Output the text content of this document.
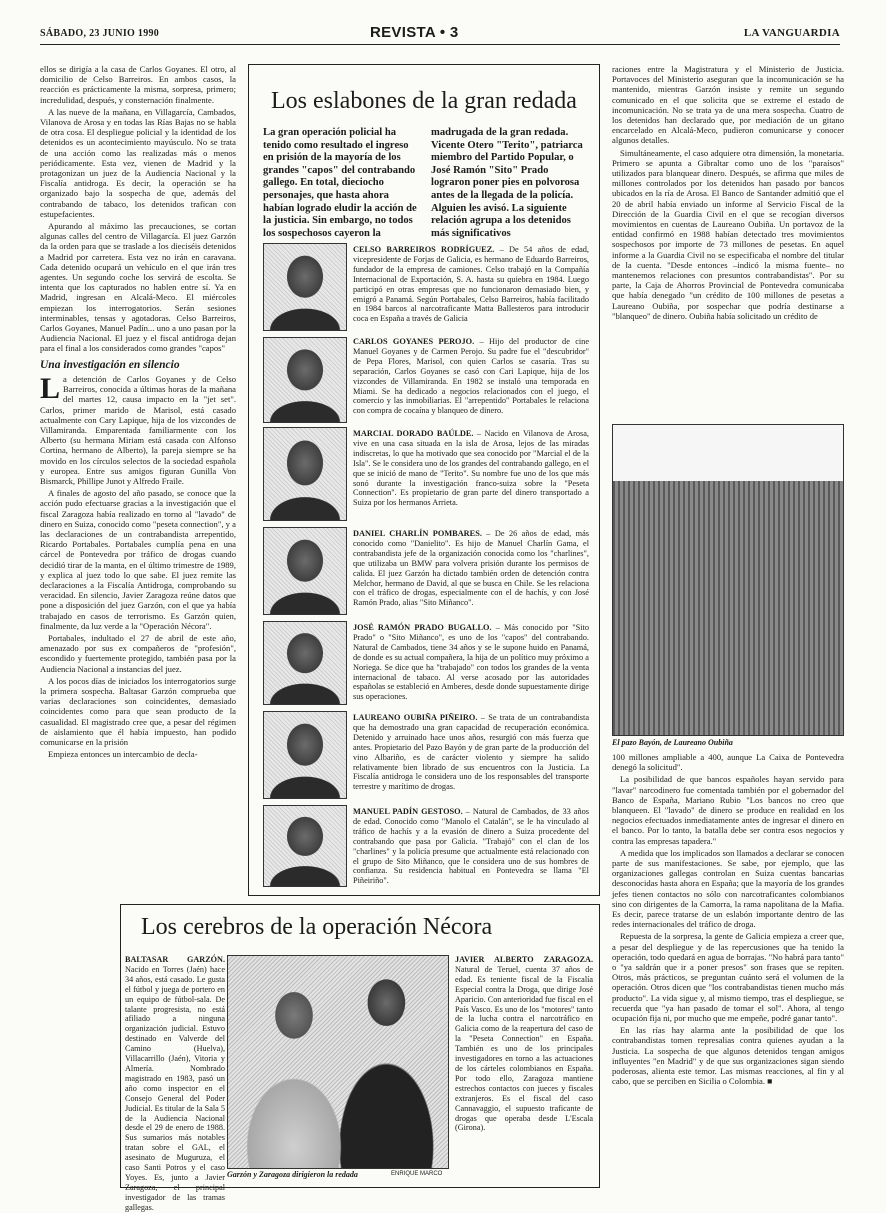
SÁBADO, 23 JUNIO 1990	REVISTA • 3	LA VANGUARDIA

ellos se dirigía a la casa de Carlos Goyanes. El otro, al domicilio de Celso Barreiros. En ambos casos, la reacción es prácticamente la misma, sorpresa, primero; incredulidad, después, y consternación finalmente.

A las nueve de la mañana, en Villagarcía, Cambados, Vilanova de Arosa y en todas las Rías Bajas no se habla de otra cosa. El despliegue policial y la identidad de los detenidos es un acontecimiento mayúsculo. No se trata de una acción como las realizadas más o menos periódicamente. Esta vez, vienen de Madrid y la protagonizan un juez de la Audiencia Nacional y la Fiscalía antidroga. Es decir, la operación se ha organizado bajo la sospecha de que, además del contrabando de tabaco, los detenidos trafican con estupefacientes.

Apurando al máximo las precauciones, se cortan algunas calles del centro de Villagarcía. El juez Garzón da la orden para que se traslade a los dieciséis detenidos a Madrid por carretera. Esta vez no irán en caravana. Cada detenido ocupará un vehículo en el que irán tres agentes. Un segundo coche los servirá de escolta. Se intenta que los capturados no hablen entre sí. Ya en Madrid, ingresan en Alcalá-Meco. El miércoles empiezan los interrogatorios. Serán sesiones interminables, tensas y agotadoras. Celso Barreiros, Carlos Goyanes, Manuel Padín... uno a uno pasan por la Audiencia Nacional. El juez y el fiscal antidroga dejan para el final a los considerados como grandes "capos"

Una investigación en silencio

La detención de Carlos Goyanes y de Celso Barreiros, conocida a últimas horas de la mañana del martes 12, causa impacto en la "jet set". Carlos, primer marido de Marisol, está casado actualmente con Cary Lapique, hija de los vizcondes de Villamiranda. Emparentada familiarmente con los Alberto (su hermana Miriam está casada con Alfonso Cortina, hermano de Alberto), la pareja siempre se ha movido en los círculos selectos de la sociedad española y europea. Entre sus amigos figuran Gunilla Von Bismarck, Phillipe Junot y Alfredo Fraile.

A finales de agosto del año pasado, se conoce que la acción pudo efectuarse gracias a la investigación que el fiscal Zaragoza había realizado en torno al "lavado" de dinero en Suiza, conocido como "peseta connection", y a las declaraciones de un contrabandista arrepentido, Ricardo Portabales. Portabales cumplía pena en una cárcel de Pontevedra por tráfico de drogas cuando decidió tirar de la manta, en el último trimestre de 1989, y explica al juez todo lo que sabe. El juez remite las declaraciones a la Fiscalía Antidroga, comprobando su veracidad. En silencio, Javier Zaragoza reúne datos que pone a disposición del juez Garzón, con el que ya había trabajado en casos de terrorismo. Es Garzón quien, finalmente, da luz verde a la "Operación Nécora".

Portabales, indultado el 27 de abril de este año, amenazado por sus ex compañeros de "profesión", escondido y fuertemente protegido, también pasa por la Audiencia Nacional a instancias del juez.

A los pocos días de iniciados los interrogatorios surge la primera sospecha. Baltasar Garzón comprueba que varias declaraciones son coincidentes, demasiado coincidentes como para que sean producto de la casualidad. El magistrado cree que, a pesar del régimen de aislamiento que él había impuesto, han podido comunicarse en la prisión

Empieza entonces un intercambio de decla-

Los eslabones de la gran redada
La gran operación policial ha tenido como resultado el ingreso en prisión de la mayoría de los grandes "capos" del contrabando gallego. En total, dieciocho personajes, que hasta ahora habían logrado eludir la acción de la justicia. Sin embargo, no todos los sospechosos cayeron la
madrugada de la gran redada. Vicente Otero "Terito", patriarca miembro del Partido Popular, o José Ramón "Sito" Prado lograron poner pies en polvorosa antes de la llegada de la policía. Alguien les avisó. La siguiente relación agrupa a los detenidos más significativos
CELSO BARREIROS RODRÍGUEZ. – De 54 años de edad, vicepresidente de Forjas de Galicia, es hermano de Eduardo Barreiros, fundador de la empresa de camiones. Celso trabajó en la Compañía Internacional de Exportación, S. A. hasta su quiebra en 1984. Luego participó en otras empresas que no funcionaron demasiado bien, y emigró a Panamá. Según Portabales, Celso Barreiros, había facilitado en 1984 barcos al narcotraficante Matta Ballesteros para introducir coca en España a través de Galicia
CARLOS GOYANES PEROJO. – Hijo del productor de cine Manuel Goyanes y de Carmen Perojo. Su padre fue el "descubridor" de Pepa Flores, Marisol, con quien Carlos se casaría. Tras su separación, Carlos Goyanes se casó con Cari Lapique, hija de los vizcondes de Villamiranda. En 1982 se instaló una temporada en Miami. Se ha dedicado a negocios relacionados con el juego, el comercio y las inmobiliarias. El "arrepentido" Portabales le relaciona con compra de cocaína y blanqueo de dinero.
MARCIAL DORADO BAÚLDE. – Nacido en Vilanova de Arosa, vive en una casa situada en la isla de Arosa, lejos de las miradas indiscretas, lo que ha motivado que sea conocido por "Marcial el de la Isla". Se le considera uno de los grandes del contrabando gallego, en el que se inició de mano de "Terito". Su nombre fue uno de los que más sonó durante la investigación franco-suiza sobre la "Peseta Connection". Es propietario de gran parte del dinero transportado a Suiza por los hermanos Arrieta.
DANIEL CHARLÍN POMBARES. – De 26 años de edad, más conocido como "Danielito". Es hijo de Manuel Charlín Gama, el contrabandista jefe de la organización conocida como los "charlines", que utilizaba un BMW para volvera prisión durante los permisos de calida. El juez Garzón ha dictado también orden de detención contra Melchor, hermano de David, al que se busca en Chile. Se les relaciona con el tráfico de drogas, especialmente con el de hachís, y con José Ramón Prado, alias "Sito Miñanco".
JOSÉ RAMÓN PRADO BUGALLO. – Más conocido por "Sito Prado" o "Sito Miñanco", es uno de los "capos" del contrabando. Natural de Cambados, tiene 34 años y se le supone huido en Panamá, de donde es su actual compañera, la hija de un político muy próximo a Noriega. Se dice que ha "trabajado" con todos los grandes de la venta internacional de tabaco. Al verse acosado por las autoridades españolas se estableció en Amberes, desde donde supuestamente dirige sus operaciones.
LAUREANO OUBIÑA PIÑEIRO. – Se trata de un contrabandista que ha demostrado una gran capacidad de recuperación económica. Detenido y arruinado hace unos años, resurgió con más fuerza que antes. Propietario del Pazo Bayón y de gran parte de la producción del vino Albariño, es de carácter violento y siempre ha salido relativamente bien librado de sus encuentros con la Justicia. La Fiscalía antidroga le considera uno de los responsables del transporte terrestre y marítimo de drogas.
MANUEL PADÍN GESTOSO. – Natural de Cambados, de 33 años de edad. Conocido como "Manolo el Catalán", se le ha vinculado al tráfico de hachís y a la evasión de dinero a Suiza procedente del contrabando que pasa por Galicia. "Trabajó" con el clan de los "charlines" y la policía presume que actualmente está relacionado con el grupo de Sito Miñanco, que le considera uno de sus hombres de confianza. Su residencia habitual en Pontevedra se llama "El Piñeiriño".

raciones entre la Magistratura y el Ministerio de Justicia. Portavoces del Ministerio aseguran que la incomunicación se ha mantenido, mientras Garzón insiste y remite un segundo comunicado en el que solicita que se extreme el estado de incomunicación. No se trata ya de una mera sospecha. Cuatro de los detenidos han declarado que, por mediación de un gitano encarcelado en Alcalá-Meco, pudieron comunicarse y conocer algunos detalles.

Simultáneamente, el caso adquiere otra dimensión, la monetaria. Primero se apunta a Gibraltar como uno de los "paraísos" utilizados para blanquear dinero. Después, se afirma que miles de millones controlados por los detenidos han pasado por bancos ubicados en la ría de Arosa. El Banco de Santander admitió que el 20 de abril había enviado un informe al Servicio Fiscal de la Dirección de la Guardia Civil en el que se recogían diversos movimientos en cuentas de Laureano Oubiña. Un portavoz de la entidad confirmó en 1988 habían detectado tres movimientos sospechosos por importe de 73 millones de pesetas. En aquel informe a la Guardia Civil no se especificaba el nombre del titular de la cuenta. "Desde entonces –indicó la misma fuente– no mantenemos relaciones con presuntos contrabandistas". Por su parte, la Caja de Ahorros Provincial de Pontevedra comunicaba que había denegado "un crédito de 100 millones de pesetas a Laureano Oubiña, por sospechar que podría destinarse a "blanqueo" de dinero. Oubiña había solicitado un crédito de

El pazo Bayón, de Laureano Oubiña

100 millones ampliable a 400, aunque La Caixa de Pontevedra denegó la solicitud".

La posibilidad de que bancos españoles hayan servido para "lavar" narcodinero fue comentada también por el gobernador del Banco de España, Mariano Rubio "Los bancos no creo que blanqueen. El "lavado" de dinero se produce en realidad en los negocios efectuados inmediatamente antes de ingresar el dinero en el banco. Por lo tanto, la batalla debe ser contra esos negocios y contra las empresas tapadera."

A medida que los implicados son llamados a declarar se conocen parte de sus manifestaciones. Se sabe, por ejemplo, que las organizaciones gallegas controlan en Suiza cuentas bancarias desconocidas hasta ahora en España; que la mayoría de los grandes jefes tienen contactos no sólo con narcotraficantes colombianos sino con dirigentes de la Camorra, la rama napolitana de la Mafia. Es decir, parece tratarse de un eslabón importante dentro de las redes internacionales del tráfico de droga.

Repuesta de la sorpresa, la gente de Galicia empieza a creer que, a pesar del despliegue y de las repercusiones que ha tenido la operación, todo quedará en agua de borrajas. "No habrá para tanto" o "ya saldrán que ir a poner presos" son frases que se repiten. Otros, más prácticos, se preguntan cuánto será el volumen de la operación. Otros dicen que "los contrabandistas tienen mucho más producto". La vida sigue y, al mismo tiempo, tras el despliegue, se recuerda que "ya han pasado de tomar el sol". Ahora, al tengo ocupación fija ni, por mucho que me empeñe, podré ganar tanto".

En las rías hay alarma ante la posibilidad de que los contrabandistas tomen represalias contra quienes ayudan a la Justicia. La sospecha de que algunos detenidos tengan amigos influyentes "en Madrid" y de que sus organizaciones sigan siendo poderosas, alienta este temor. Las mismas reacciones, al fin y al cabo, que se perciben en Sicilia o Colombia. ■

Los cerebros de la operación Nécora
BALTASAR GARZÓN. Nacido en Torres (Jaén) hace 34 años, está casado. Le gusta el fútbol y juega de portero en un equipo de fútbol-sala. De talante progresista, no está afiliado a ninguna organización judicial. Estuvo destinado en Valverde del Camino (Huelva), Villacarrillo (Jaén), Vitoria y Almería. Nombrado magistrado en 1983, pasó un año como inspector en el Consejo General del Poder Judicial. Es titular de la Sala 5 de la Audiencia Nacional desde el 29 de enero de 1988. Sus sumarios más notables tratan sobre el GAL, el asesinato de Muguruza, el caso Santi Potros y el caso Yoyes. Es, junto a Javier Zaragoza, el principal investigador de las tramas gallegas.
Garzón y Zaragoza dirigieron la redada	ENRIQUE MARCO
JAVIER ALBERTO ZARAGOZA. Natural de Teruel, cuenta 37 años de edad. Es teniente fiscal de la Fiscalía Especial contra la Droga, que dirige José Aparicio. Con anterioridad fue fiscal en el País Vasco. Es uno de los "motores" tanto de la lucha contra el narcotráfico en Galicia como de la reapertura del caso de la "Peseta Connection" en España. También es uno de los principales investigadores en torno a las actuaciones de los cárteles colombianos en España. Por todo ello, Zaragoza mantiene estrechos contactos con jueces y fiscales extranjeros. Es el fiscal del caso Cannavaggio, el supuesto traficante de drogas que operaba desde L'Escala (Girona).
